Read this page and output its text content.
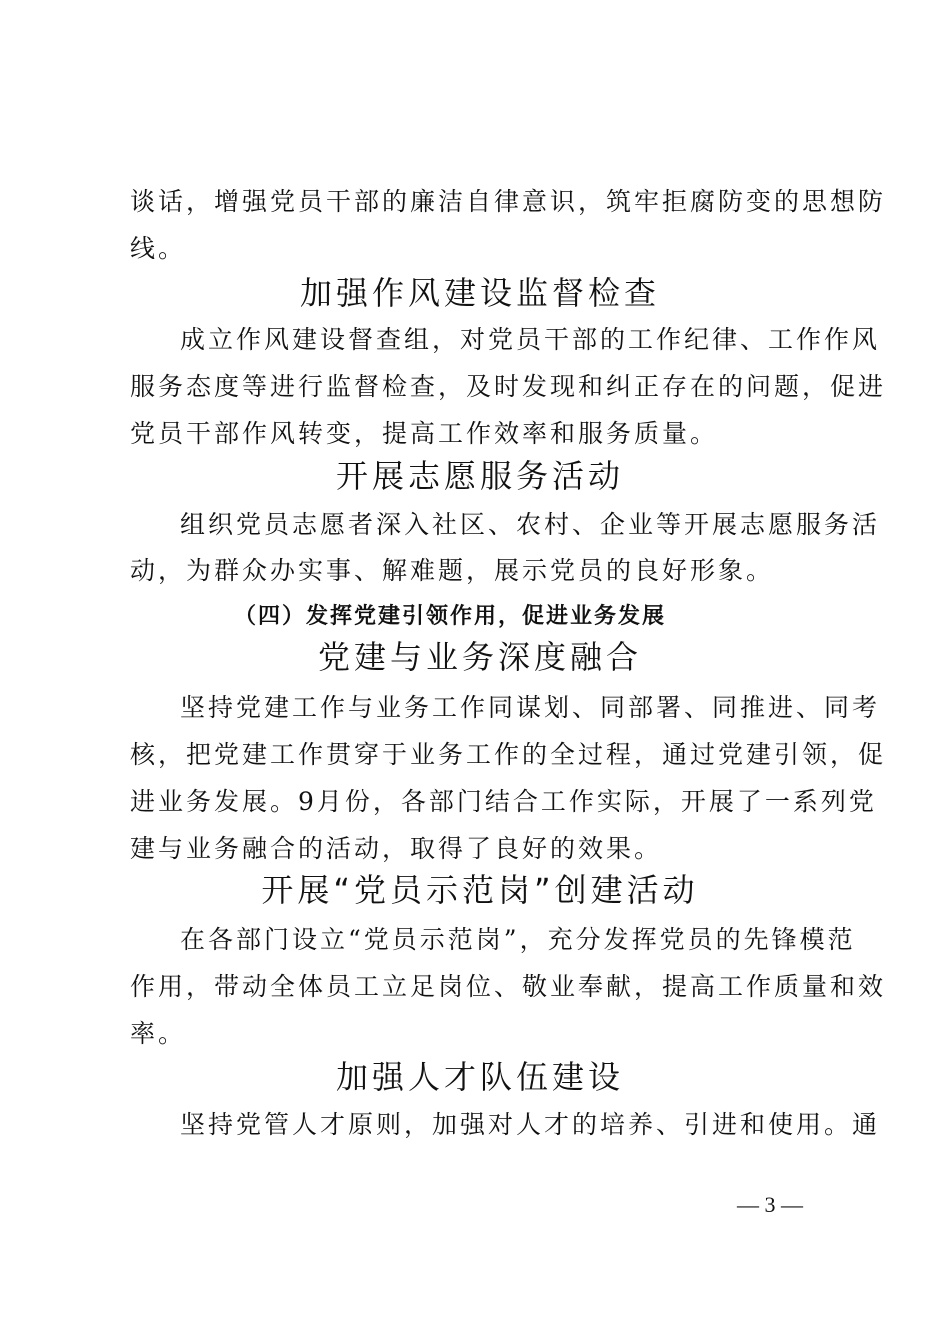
谈话，增强党员干部的廉洁自律意识，筑牢拒腐防变的思想防
线。
加强作风建设监督检查
成立作风建设督查组，对党员干部的工作纪律、工作作风
服务态度等进行监督检查，及时发现和纠正存在的问题，促进
党员干部作风转变，提高工作效率和服务质量。
开展志愿服务活动
组织党员志愿者深入社区、农村、企业等开展志愿服务活
动，为群众办实事、解难题，展示党员的良好形象。
（四）发挥党建引领作用，促进业务发展
党建与业务深度融合
坚持党建工作与业务工作同谋划、同部署、同推进、同考
核，把党建工作贯穿于业务工作的全过程，通过党建引领，促
进业务发展。9月份，各部门结合工作实际，开展了一系列党
建与业务融合的活动，取得了良好的效果。
开展“党员示范岗”创建活动
在各部门设立“党员示范岗”，充分发挥党员的先锋模范
作用，带动全体员工立足岗位、敬业奉献，提高工作质量和效
率。
加强人才队伍建设
坚持党管人才原则，加强对人才的培养、引进和使用。通
— 3 —
